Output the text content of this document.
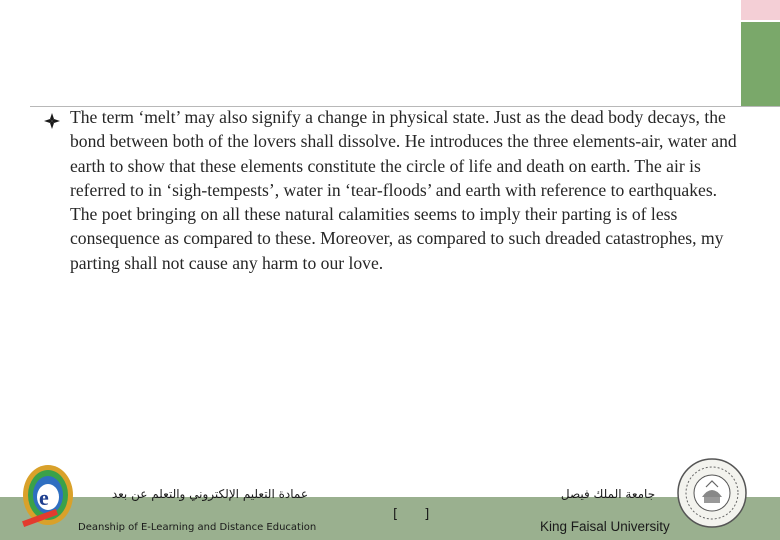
The term ‘melt’ may also signify a change in physical state. Just as the dead body decays, the bond between both of the lovers shall dissolve. He introduces the three elements-air, water and earth to show that these elements constitute the circle of life and death on earth. The air is referred to in ‘sigh-tempests’, water in ‘tear-floods’ and earth with reference to earthquakes. The poet bringing on all these natural calamities seems to imply their parting is of less consequence as compared to these. Moreover, as compared to such dreaded catastrophes, my parting shall not cause any harm to our love.

e	عمادة التعليم الإلكتروني والتعلم عن بعد
Deanship of E-Learning and Distance Education
[ ]
جامعة الملك فيصل
King Faisal University
